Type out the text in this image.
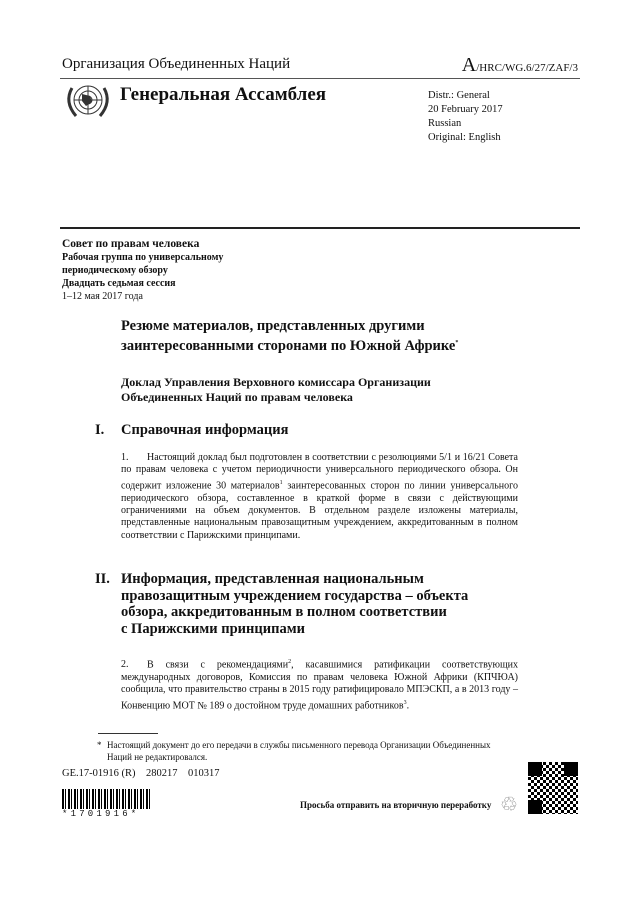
Организация Объединенных Наций	A/HRC/WG.6/27/ZAF/3
Генеральная Ассамблея	Distr.: General
20 February 2017
Russian
Original: English
Совет по правам человека
Рабочая группа по универсальному
периодическому обзору
Двадцать седьмая сессия
1–12 мая 2017 года
Резюме материалов, представленных другими
заинтересованными сторонами по Южной Африке*
Доклад Управления Верховного комиссара Организации
Объединенных Наций по правам человека
I. Справочная информация
1. Настоящий доклад был подготовлен в соответствии с резолюциями 5/1 и 16/21 Совета по правам человека с учетом периодичности универсального периодического обзора. Он содержит изложение 30 материалов$^1$ заинтересованных сторон по линии универсального периодического обзора, составленное в краткой форме в связи с действующими ограничениями на объем документов. В отдельном разделе изложены материалы, представленные национальным правозащитным учреждением, аккредитованным в полном соответствии с Парижскими принципами.
II. Информация, представленная национальным
правозащитным учреждением государства – объекта
обзора, аккредитованным в полном соответствии
с Парижскими принципами
2. В связи с рекомендациями$^2$, касавшимися ратификации соответствующих международных договоров, Комиссия по правам человека Южной Африки (КПЧЮА) сообщила, что правительство страны в 2015 году ратифицировало МПЭСКП, а в 2013 году – Конвенцию МОТ № 189 о достойном труде домашних работников$^3$.
* Настоящий документ до его передачи в службы письменного перевода Организации Объединенных Наций не редактировался.
GE.17-01916 (R)    280217    010317
*1701916*
Просьба отправить на вторичную переработку ♲
